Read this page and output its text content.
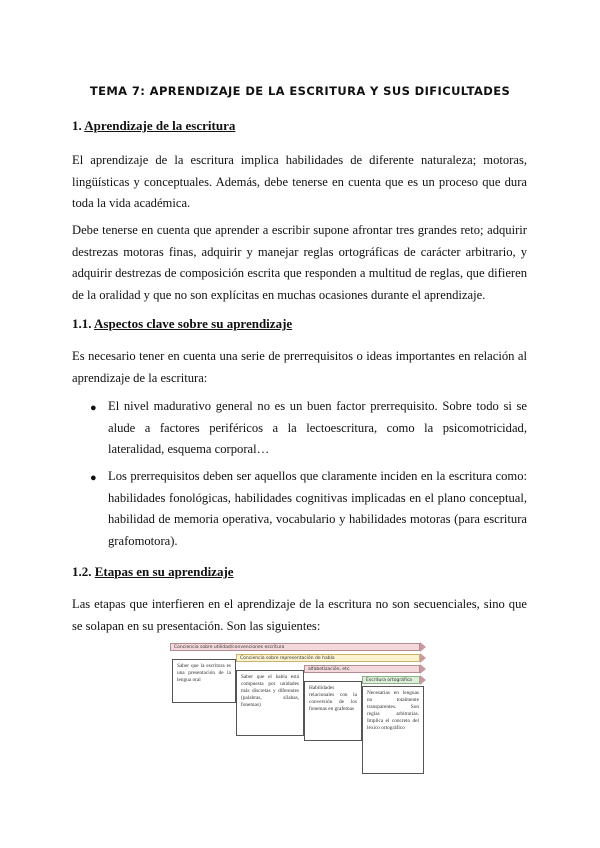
TEMA 7: APRENDIZAJE DE LA ESCRITURA Y SUS DIFICULTADES
1. Aprendizaje de la escritura
El aprendizaje de la escritura implica habilidades de diferente naturaleza; motoras, lingüísticas y conceptuales. Además, debe tenerse en cuenta que es un proceso que dura toda la vida académica.
Debe tenerse en cuenta que aprender a escribir supone afrontar tres grandes reto; adquirir destrezas motoras finas, adquirir y manejar reglas ortográficas de carácter arbitrario, y adquirir destrezas de composición escrita que responden a multitud de reglas, que difieren de la oralidad y que no son explícitas en muchas ocasiones durante el aprendizaje.
1.1. Aspectos clave sobre su aprendizaje
Es necesario tener en cuenta una serie de prerrequisitos o ideas importantes en relación al aprendizaje de la escritura:
● El nivel madurativo general no es un buen factor prerrequisito. Sobre todo si se alude a factores periféricos a la lectoescritura, como la psicomotricidad, lateralidad, esquema corporal…
● Los prerrequisitos deben ser aquellos que claramente inciden en la escritura como: habilidades fonológicas, habilidades cognitivas implicadas en el plano conceptual, habilidad de memoria operativa, vocabulario y habilidades motoras (para escritura grafomotora).
1.2. Etapas en su aprendizaje
Las etapas que interfieren en el aprendizaje de la escritura no son secuenciales, sino que se solapan en su presentación. Son las siguientes:
Conciencia sobre utilidad/convenciones escritura
Conciencia sobre representación de habla
alfabetización, etc.
Escritura ortográfica
Saber que la escritura es una presentación de la lengua oral	Saber que el habla está compuesta por unidades más discretas y diferentes (palabras, sílabas, fonemas)
Habilidades relacionales con la conversión de los fonemas en grafemas
Necesarias en lenguas no totalmente transparentes. Son reglas arbitrarias. Implica el concreto del léxico ortográfico
